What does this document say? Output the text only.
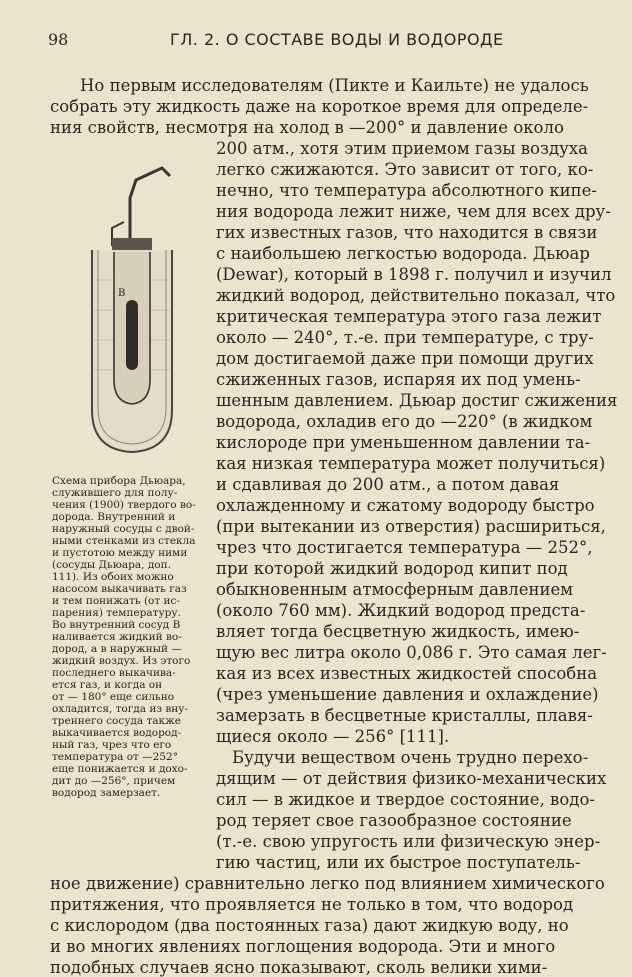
98	ГЛ. 2. О СОСТАВЕ ВОДЫ И ВОДОРОДЕ
Но первым исследователям (Пикте и Каильте) не удалось
собрать эту жидкость даже на короткое время для определе-
ния свойств, несмотря на холод в —200° и давление около
200 атм., хотя этим приемом газы воздуха
легко сжижаются. Это зависит от того, ко-
нечно, что температура абсолютного кипе-
ния водорода лежит ниже, чем для всех дру-
гих известных газов, что находится в связи
с наибольшею легкостью водорода. Дьюар
(Dewar), который в 1898 г. получил и изучил
жидкий водород, действительно показал, что
критическая температура этого газа лежит
около — 240°, т.-е. при температуре, с тру-
дом достигаемой даже при помощи других
сжиженных газов, испаряя их под умень-
шенным давлением. Дьюар достиг сжижения
водорода, охладив его до —220° (в жидком
кислороде при уменьшенном давлении та-
кая низкая температура может получиться)
и сдавливая до 200 атм., а потом давая
охлажденному и сжатому водороду быстро
(при вытекании из отверстия) расшириться,
чрез что достигается температура — 252°,
при которой жидкий водород кипит под
обыкновенным атмосферным давлением
(около 760 мм). Жидкий водород предста-
вляет тогда бесцветную жидкость, имею-
щую вес литра около 0,086 г. Это самая лег-
кая из всех известных жидкостей способна
(чрез уменьшение давления и охлаждение)
замерзать в бесцветные кристаллы, плавя-
щиеся около — 256° [111].
Будучи веществом очень трудно перехо-
дящим — от действия физико-механических
сил — в жидкое и твердое состояние, водо-
род теряет свое газообразное состояние
(т.-е. свою упругость или физическую энер-
гию частиц, или их быстрое поступатель-
ное движение) сравнительно легко под влиянием химического
притяжения, что проявляется не только в том, что водород
с кислородом (два постоянных газа) дают жидкую воду, но
и во многих явлениях поглощения водорода. Эти и много
подобных случаев ясно показывают, сколь велики хими-
B
Схема прибора Дьюара,
служившего для полу-
чения (1900) твердого во-
дорода. Внутренний и
наружный сосуды с двой-
ными стенками из стекла
и пустотою между ними
(сосуды Дьюара, доп.
111). Из обоих можно
насосом выкачивать газ
и тем понижать (от ис-
парения) температуру.
Во внутренний сосуд B
наливается жидкий во-
дород, а в наружный —
жидкий воздух. Из этого
последнего выкачива-
ется газ, и когда он
от — 180° еще сильно
охладится, тогда из вну-
треннего сосуда также
выкачивается водород-
ный газ, чрез что его
температура от —252°
еще понижается и дохо-
дит до —256°, причем
водород замерзает.
